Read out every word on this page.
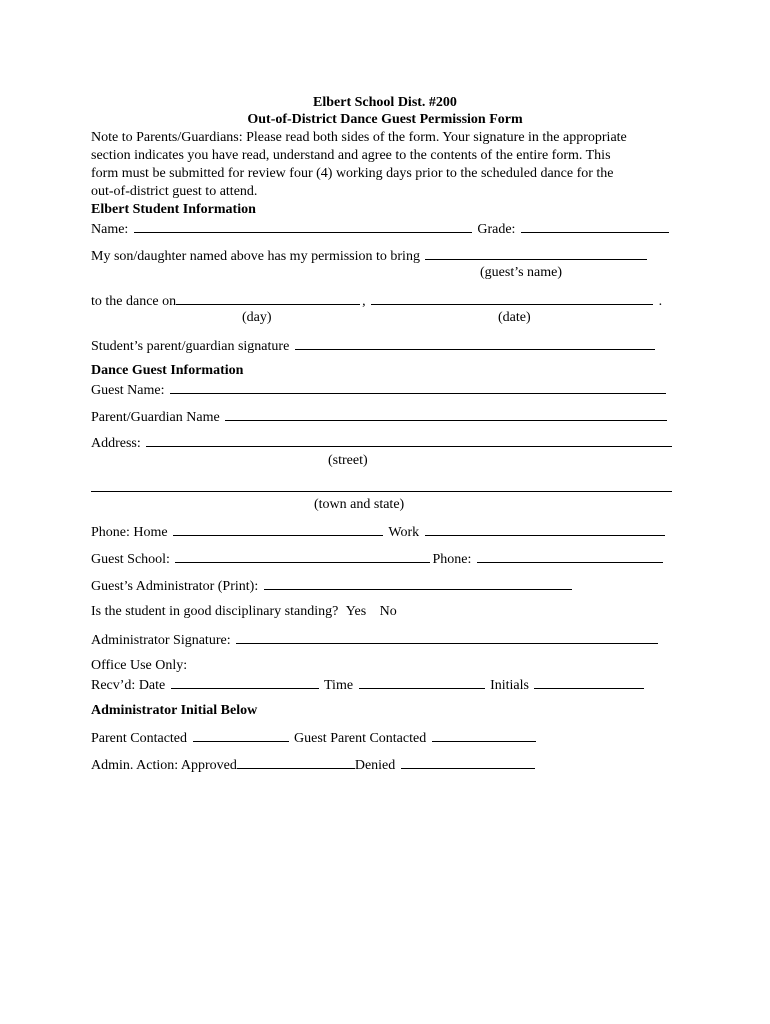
Elbert School Dist. #200
Out-of-District Dance Guest Permission Form
Note to Parents/Guardians: Please read both sides of the form. Your signature in the appropriate
section indicates you have read, understand and agree to the contents of the entire form. This
form must be submitted for review four (4) working days prior to the scheduled dance for the
out-of-district guest to attend.
Elbert Student Information
Name:	Grade:
My son/daughter named above has my permission to bring
(guest’s name)
to the dance on	,	.
(day)	(date)
Student’s parent/guardian signature
Dance Guest Information
Guest Name:
Parent/Guardian Name
Address:
(street)
(town and state)
Phone: Home	Work
Guest School:	Phone:
Guest’s Administrator (Print):
Is the student in good disciplinary standing? Yes No
Administrator Signature:
Office Use Only:
Recv’d: Date	Time	Initials
Administrator Initial Below
Parent Contacted	Guest Parent Contacted
Admin. Action: Approved	Denied
